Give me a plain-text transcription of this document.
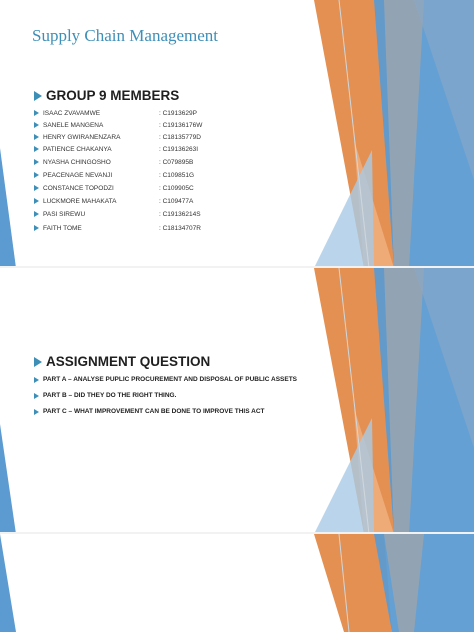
Supply Chain Management
GROUP 9 MEMBERS
ISAAC ZVAVAMWE	: C1913629P
SANELE MANGENA	: C19136176W
HENRY GWIRANENZARA	: C18135779D
PATIENCE CHAKANYA	: C19136263I
NYASHA CHINGOSHO	: C079895B
PEACENAGE NEVANJI	: C109851G
CONSTANCE TOPODZI	: C109905C
LUCKMORE MAHAKATA	: C109477A
PASI SIREWU	: C19136214S
FAITH TOME	: C18134707R
ASSIGNMENT QUESTION
PART A – ANALYSE PUPLIC PROCUREMENT AND DISPOSAL OF PUBLIC ASSETS
PART B – DID THEY DO THE RIGHT THING.
PART C – WHAT IMPROVEMENT CAN BE DONE TO IMPROVE THIS ACT
